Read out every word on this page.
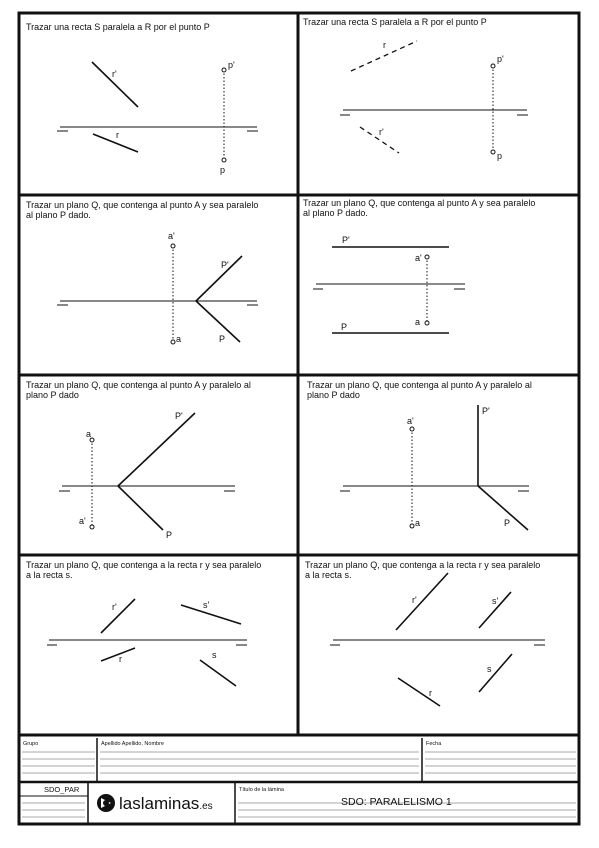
Trazar una recta S paralela a R por el punto P
r'
r
p'
p
Trazar una recta S paralela a R por el punto P
r
r'
p'
p
Trazar un plano Q, que contenga al punto A y sea paralelo
al plano P dado.
a'
a
P'
P
Trazar un plano Q, que contenga al punto A y sea paralelo
al plano P dado.
P'
a'
P	a
Trazar un plano Q, que contenga al punto A y paralelo al
plano P dado
a
P'
a'
P
Trazar un plano Q, que contenga al punto A y paralelo al
plano P dado
a'
P'
a	P
Trazar un plano Q, que contenga a la recta r y sea paralelo
a la recta s.
r'	s'
r	s
Trazar un plano Q, que contenga a la recta r y sea paralelo
a la recta s.
r'	s'
s
r
Grupo	Apellido Apellido, Nombre	Fecha
SDO_PAR
laslaminas.es
Título de la lámina
SDO: PARALELISMO 1
